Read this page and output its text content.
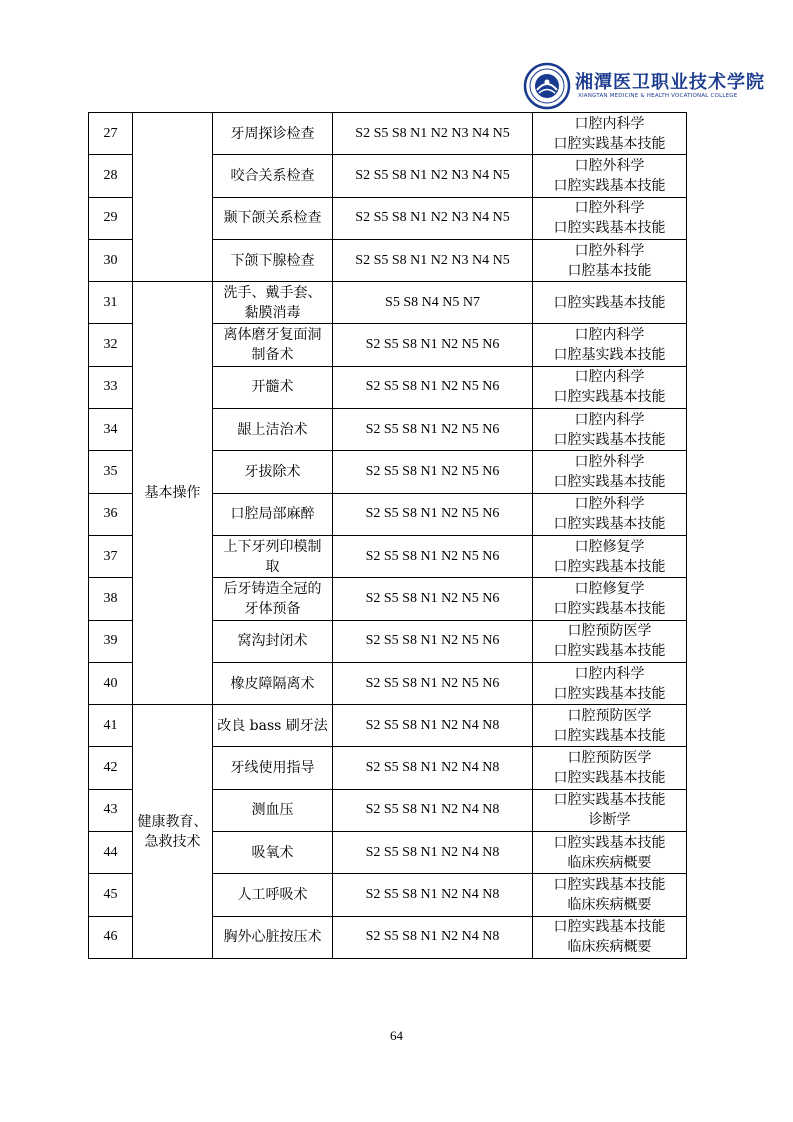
湘潭医卫职业技术学院
XIANGTAN MEDICINE & HEALTH VOCATIONAL COLLEGE
27		牙周探诊检查	S2 S5 S8 N1 N2 N3 N4 N5	口腔内科学
口腔实践基本技能

28		咬合关系检查	S2 S5 S8 N1 N2 N3 N4 N5	口腔外科学
口腔实践基本技能

29		颞下颌关系检查	S2 S5 S8 N1 N2 N3 N4 N5	口腔外科学
口腔实践基本技能

30		下颌下腺检查	S2 S5 S8 N1 N2 N3 N4 N5	口腔外科学
口腔基本技能

31	基本操作	洗手、戴手套、黏膜消毒	S5 S8 N4 N5 N7	口腔实践基本技能

32		离体磨牙复面洞制备术	S2 S5 S8 N1 N2 N5 N6	口腔内科学
口腔基实践本技能

33		开髓术	S2 S5 S8 N1 N2 N5 N6	口腔内科学
口腔实践基本技能

34		龈上洁治术	S2 S5 S8 N1 N2 N5 N6	口腔内科学
口腔实践基本技能

35		牙拔除术	S2 S5 S8 N1 N2 N5 N6	口腔外科学
口腔实践基本技能

36		口腔局部麻醉	S2 S5 S8 N1 N2 N5 N6	口腔外科学
口腔实践基本技能

37		上下牙列印模制取	S2 S5 S8 N1 N2 N5 N6	口腔修复学
口腔实践基本技能

38		后牙铸造全冠的牙体预备	S2 S5 S8 N1 N2 N5 N6	口腔修复学
口腔实践基本技能

39		窝沟封闭术	S2 S5 S8 N1 N2 N5 N6	口腔预防医学
口腔实践基本技能

40		橡皮障隔离术	S2 S5 S8 N1 N2 N5 N6	口腔内科学
口腔实践基本技能

41	健康教育、急救技术	改良 bass 刷牙法	S2 S5 S8 N1 N2 N4 N8	口腔预防医学
口腔实践基本技能

42		牙线使用指导	S2 S5 S8 N1 N2 N4 N8	口腔预防医学
口腔实践基本技能

43		测血压	S2 S5 S8 N1 N2 N4 N8	口腔实践基本技能
诊断学

44		吸氧术	S2 S5 S8 N1 N2 N4 N8	口腔实践基本技能
临床疾病概要

45		人工呼吸术	S2 S5 S8 N1 N2 N4 N8	口腔实践基本技能
临床疾病概要

46		胸外心脏按压术	S2 S5 S8 N1 N2 N4 N8	口腔实践基本技能
临床疾病概要
64
